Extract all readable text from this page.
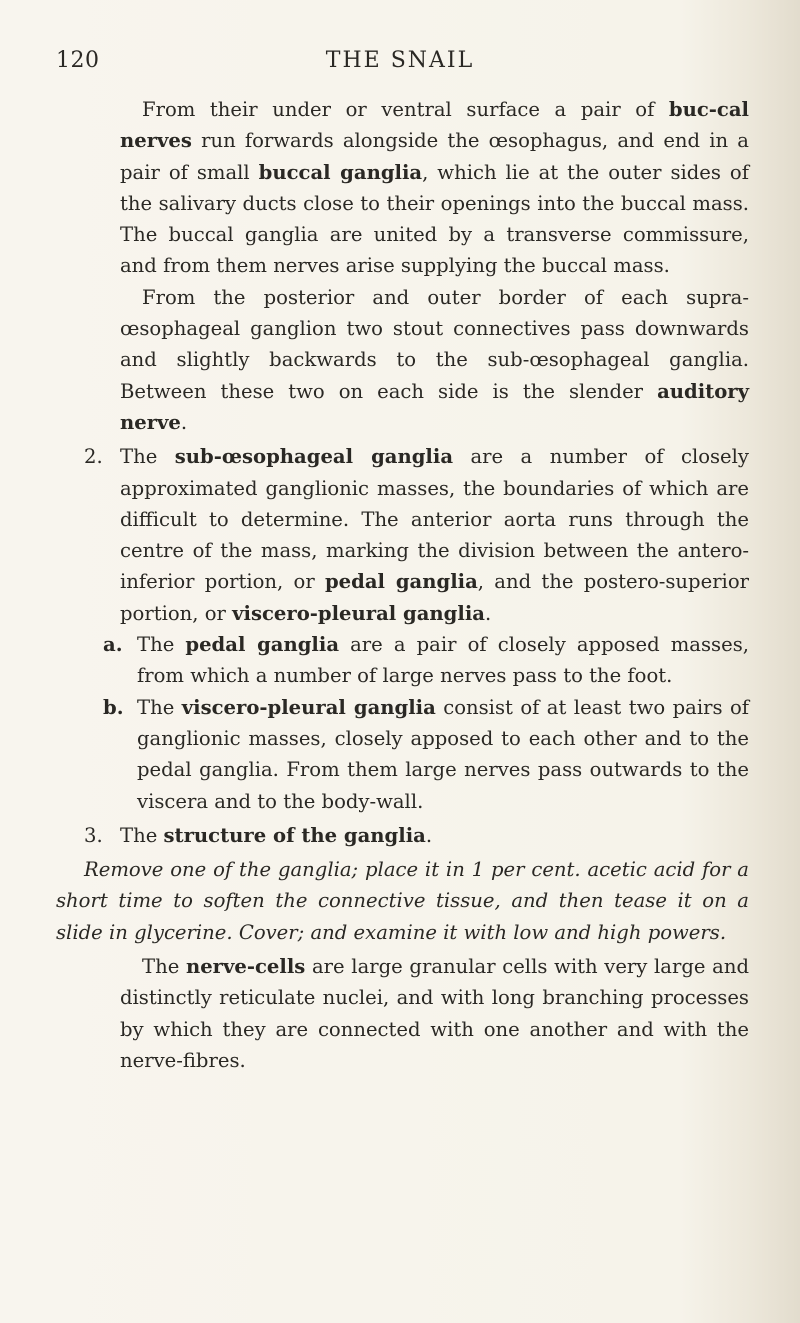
120	THE SNAIL

From their under or ventral surface a pair of buc-cal nerves run forwards alongside the œsophagus, and end in a pair of small buccal ganglia, which lie at the outer sides of the salivary ducts close to their openings into the buccal mass. The buccal ganglia are united by a transverse commissure, and from them nerves arise supplying the buccal mass.

From the posterior and outer border of each supra-œsophageal ganglion two stout connectives pass downwards and slightly backwards to the sub-œsophageal ganglia. Between these two on each side is the slender auditory nerve.

2. The sub-œsophageal ganglia are a number of closely approximated ganglionic masses, the boundaries of which are difficult to determine. The anterior aorta runs through the centre of the mass, marking the division between the antero-inferior portion, or pedal ganglia, and the postero-superior portion, or viscero-pleural ganglia.

a. The pedal ganglia are a pair of closely apposed masses, from which a number of large nerves pass to the foot.

b. The viscero-pleural ganglia consist of at least two pairs of ganglionic masses, closely apposed to each other and to the pedal ganglia. From them large nerves pass outwards to the viscera and to the body-wall.

3. The structure of the ganglia.

Remove one of the ganglia; place it in 1 per cent. acetic acid for a short time to soften the connective tissue, and then tease it on a slide in glycerine. Cover; and examine it with low and high powers.

The nerve-cells are large granular cells with very large and distinctly reticulate nuclei, and with long branching processes by which they are connected with one another and with the nerve-fibres.
